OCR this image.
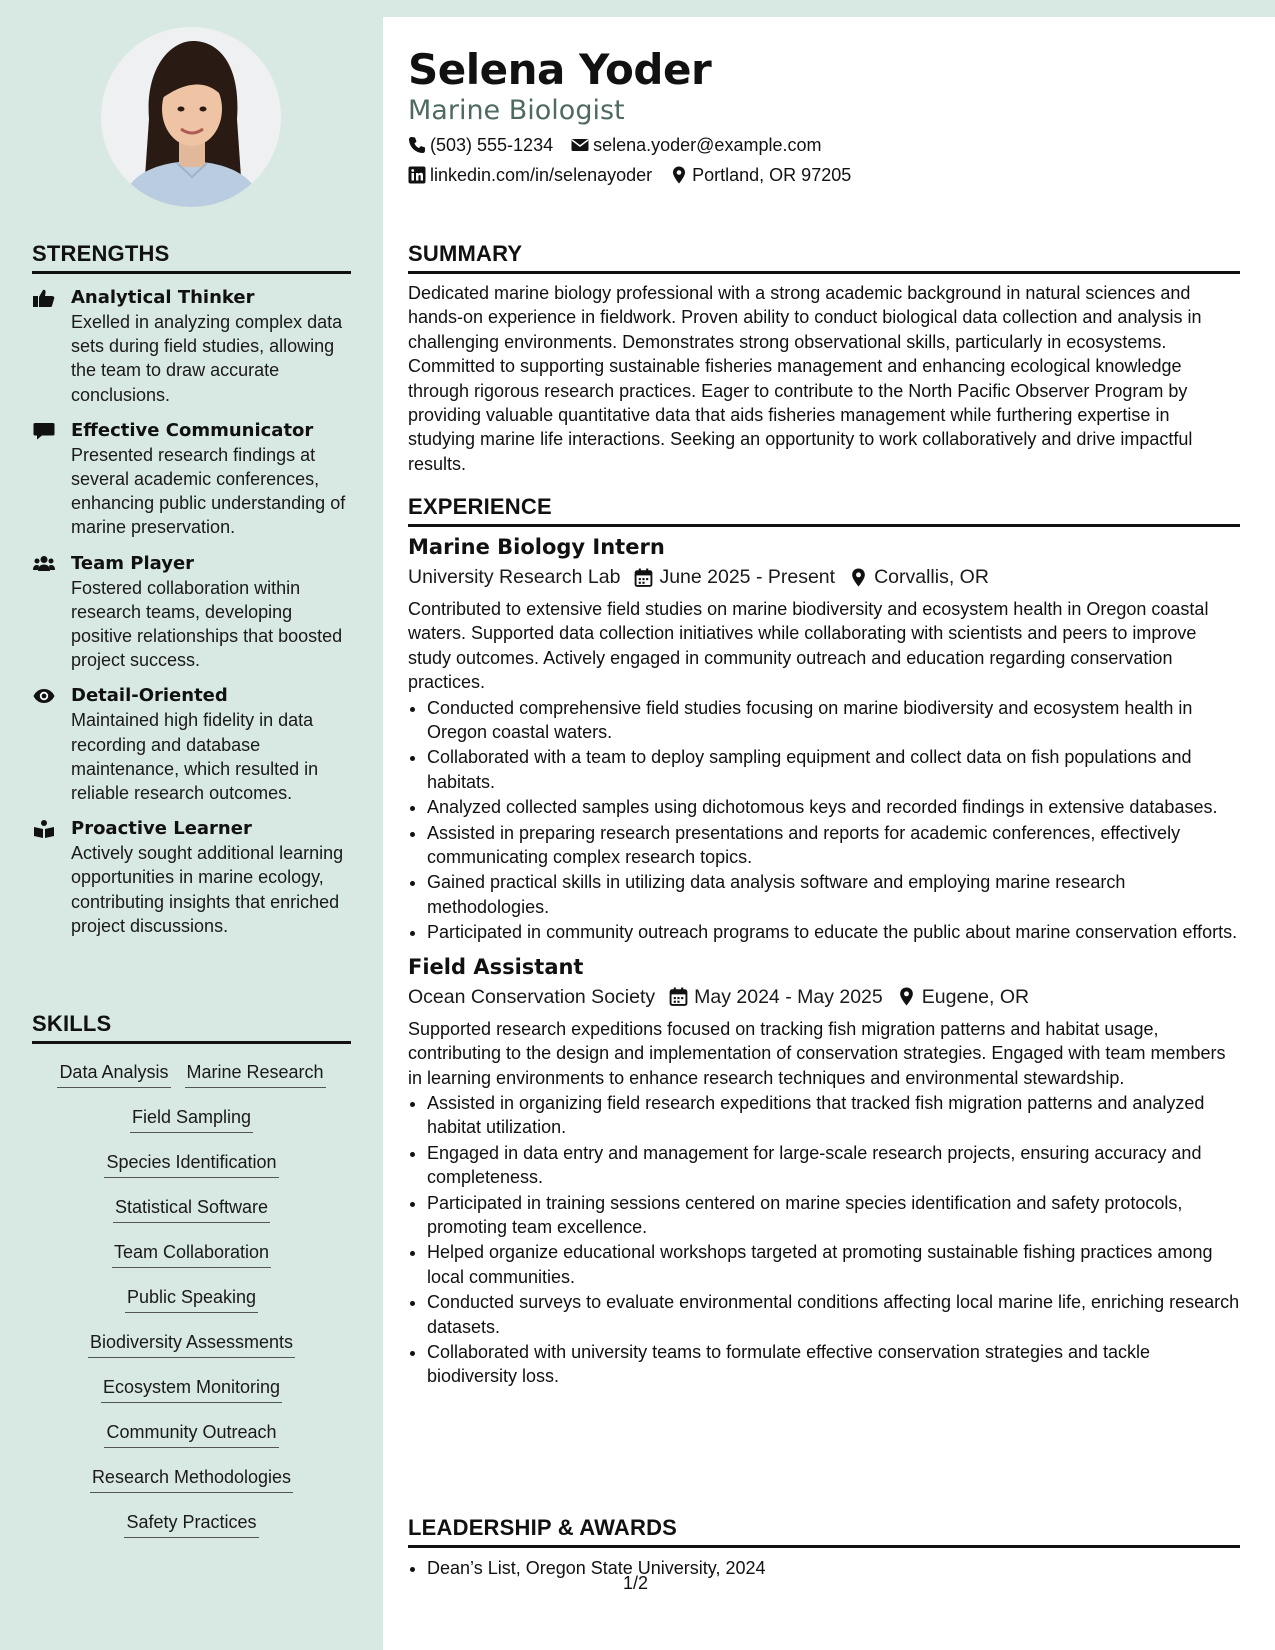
STRENGTHS
Analytical Thinker
Exelled in analyzing complex data sets during field studies, allowing the team to draw accurate conclusions.
Effective Communicator
Presented research findings at several academic conferences, enhancing public understanding of marine preservation.
Team Player
Fostered collaboration within research teams, developing positive relationships that boosted project success.
Detail-Oriented
Maintained high fidelity in data recording and database maintenance, which resulted in reliable research outcomes.
Proactive Learner
Actively sought additional learning opportunities in marine ecology, contributing insights that enriched project discussions.
SKILLS
Data Analysis Marine Research
Field Sampling
Species Identification
Statistical Software
Team Collaboration
Public Speaking
Biodiversity Assessments
Ecosystem Monitoring
Community Outreach
Research Methodologies
Safety Practices
Selena Yoder
Marine Biologist
(503) 555-1234 selena.yoder@example.com
linkedin.com/in/selenayoder Portland, OR 97205
SUMMARY
Dedicated marine biology professional with a strong academic background in natural sciences and hands-on experience in fieldwork. Proven ability to conduct biological data collection and analysis in challenging environments. Demonstrates strong observational skills, particularly in ecosystems. Committed to supporting sustainable fisheries management and enhancing ecological knowledge through rigorous research practices. Eager to contribute to the North Pacific Observer Program by providing valuable quantitative data that aids fisheries management while furthering expertise in studying marine life interactions. Seeking an opportunity to work collaboratively and drive impactful results.
EXPERIENCE
Marine Biology Intern
University Research Lab June 2025 - Present Corvallis, OR
Contributed to extensive field studies on marine biodiversity and ecosystem health in Oregon coastal waters. Supported data collection initiatives while collaborating with scientists and peers to improve study outcomes. Actively engaged in community outreach and education regarding conservation practices.
• Conducted comprehensive field studies focusing on marine biodiversity and ecosystem health in Oregon coastal waters.
• Collaborated with a team to deploy sampling equipment and collect data on fish populations and habitats.
• Analyzed collected samples using dichotomous keys and recorded findings in extensive databases.
• Assisted in preparing research presentations and reports for academic conferences, effectively communicating complex research topics.
• Gained practical skills in utilizing data analysis software and employing marine research methodologies.
• Participated in community outreach programs to educate the public about marine conservation efforts.
Field Assistant
Ocean Conservation Society May 2024 - May 2025 Eugene, OR
Supported research expeditions focused on tracking fish migration patterns and habitat usage, contributing to the design and implementation of conservation strategies. Engaged with team members in learning environments to enhance research techniques and environmental stewardship.
• Assisted in organizing field research expeditions that tracked fish migration patterns and analyzed habitat utilization.
• Engaged in data entry and management for large-scale research projects, ensuring accuracy and completeness.
• Participated in training sessions centered on marine species identification and safety protocols, promoting team excellence.
• Helped organize educational workshops targeted at promoting sustainable fishing practices among local communities.
• Conducted surveys to evaluate environmental conditions affecting local marine life, enriching research datasets.
• Collaborated with university teams to formulate effective conservation strategies and tackle biodiversity loss.
LEADERSHIP & AWARDS
• Dean’s List, Oregon State University, 2024
1/2
